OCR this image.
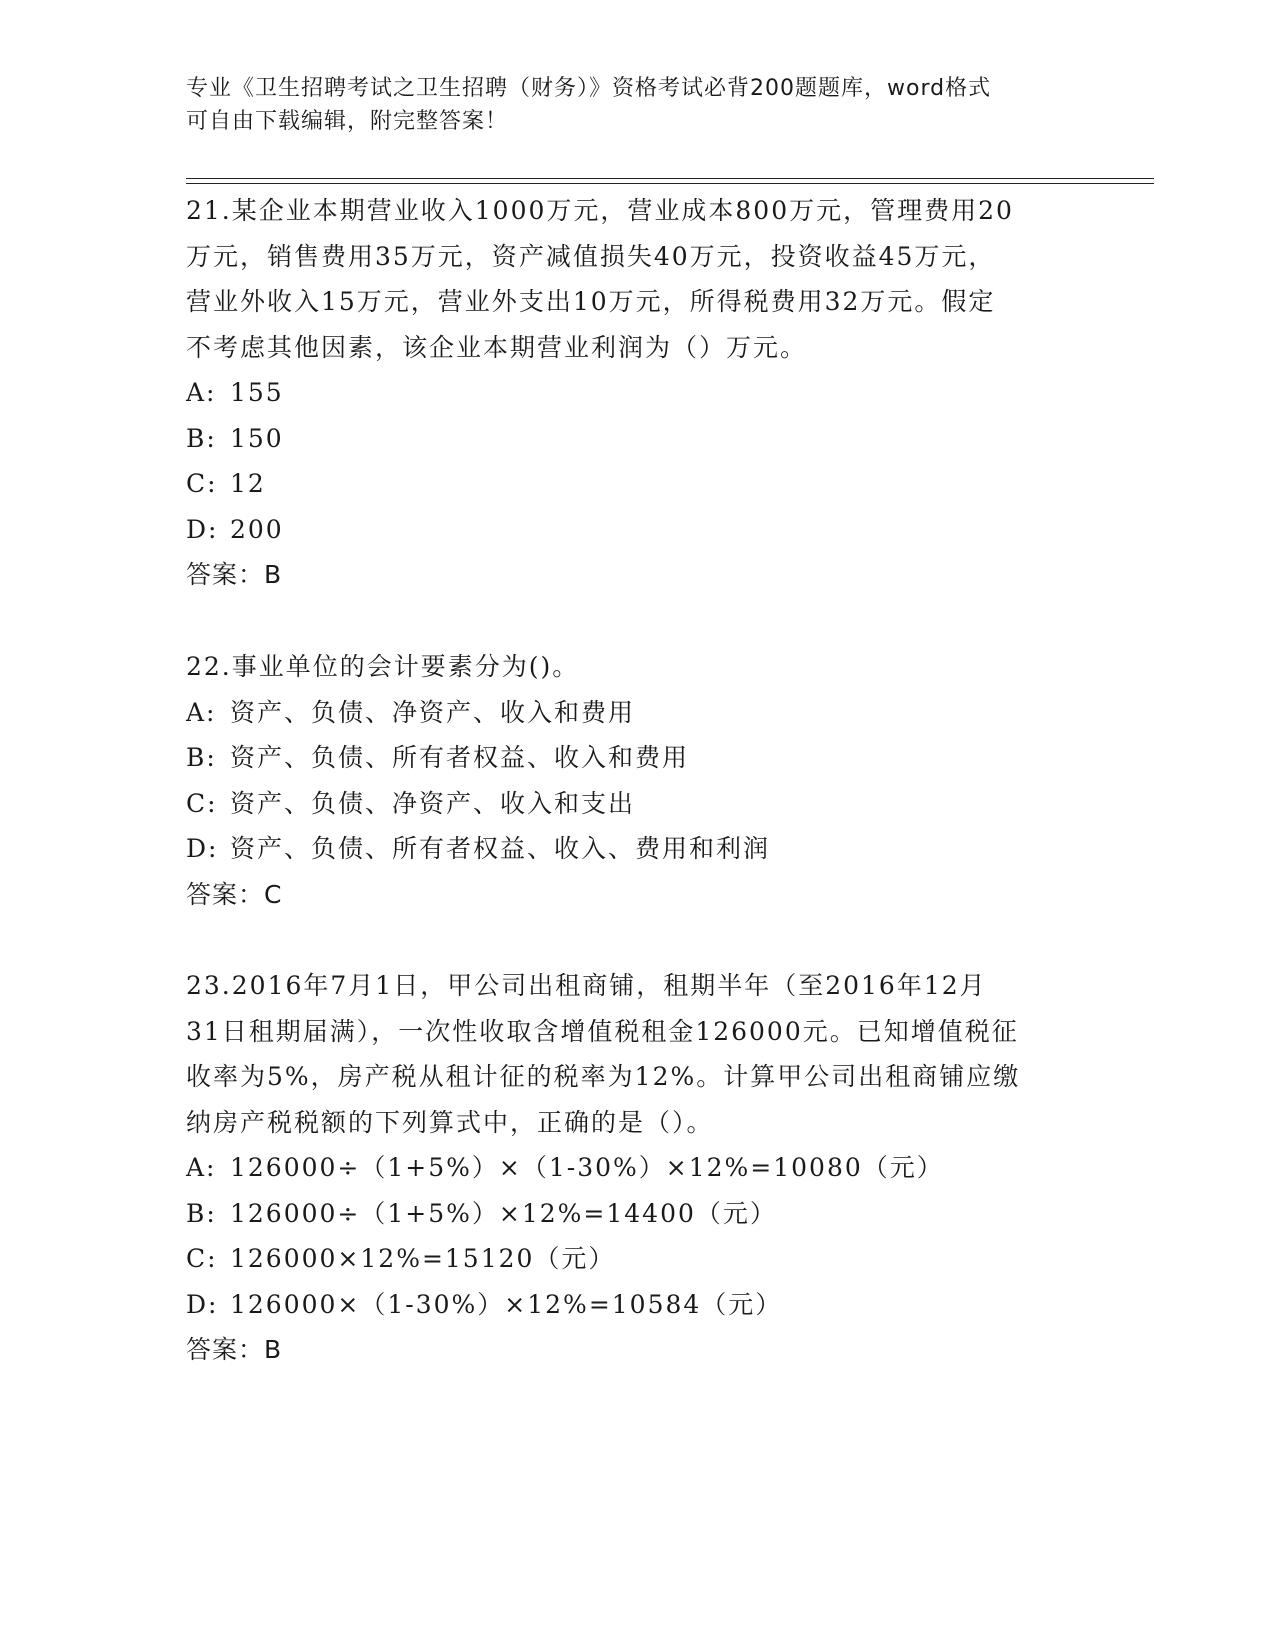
专业《卫生招聘考试之卫生招聘（财务）》资格考试必背200题题库，word格式
可自由下载编辑，附完整答案！
21.某企业本期营业收入1000万元，营业成本800万元，管理费用20
万元，销售费用35万元，资产减值损失40万元，投资收益45万元，
营业外收入15万元，营业外支出10万元，所得税费用32万元。假定
不考虑其他因素，该企业本期营业利润为（）万元。
A: 155
B: 150
C: 12
D: 200
答案：B
22.事业单位的会计要素分为()。
A: 资产、负债、净资产、收入和费用
B: 资产、负债、所有者权益、收入和费用
C: 资产、负债、净资产、收入和支出
D: 资产、负债、所有者权益、收入、费用和利润
答案：C
23.2016年7月1日，甲公司出租商铺，租期半年（至2016年12月
31日租期届满），一次性收取含增值税租金126000元。已知增值税征
收率为5%，房产税从租计征的税率为12%。计算甲公司出租商铺应缴
纳房产税税额的下列算式中，正确的是（）。
A: 126000÷（1+5%）×（1-30%）×12%=10080（元）
B: 126000÷（1+5%）×12%=14400（元）
C: 126000×12%=15120（元）
D: 126000×（1-30%）×12%=10584（元）
答案：B
